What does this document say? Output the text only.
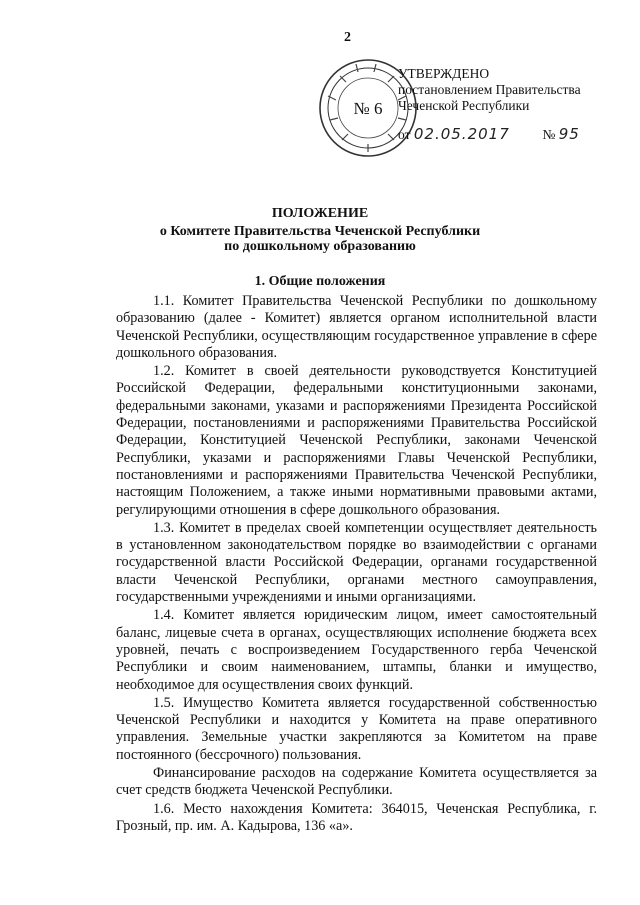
2
№ 6
УТВЕРЖДЕНО
постановлением Правительства
Чеченской Республики
от 02.05.2017 № 95
ПОЛОЖЕНИЕ
о Комитете Правительства Чеченской Республики
по дошкольному образованию
1. Общие положения

1.1. Комитет Правительства Чеченской Республики по дошкольному образованию (далее - Комитет) является органом исполнительной власти Чеченской Республики, осуществляющим государственное управление в сфере дошкольного образования.

1.2. Комитет в своей деятельности руководствуется Конституцией Российской Федерации, федеральными конституционными законами, федеральными законами, указами и распоряжениями Президента Российской Федерации, постановлениями и распоряжениями Правительства Российской Федерации, Конституцией Чеченской Республики, законами Чеченской Республики, указами и распоряжениями Главы Чеченской Республики, постановлениями и распоряжениями Правительства Чеченской Республики, настоящим Положением, а также иными нормативными правовыми актами, регулирующими отношения в сфере дошкольного образования.

1.3. Комитет в пределах своей компетенции осуществляет деятельность в установленном законодательством порядке во взаимодействии с органами государственной власти Российской Федерации, органами государственной власти Чеченской Республики, органами местного самоуправления, государственными учреждениями и иными организациями.

1.4. Комитет является юридическим лицом, имеет самостоятельный баланс, лицевые счета в органах, осуществляющих исполнение бюджета всех уровней, печать с воспроизведением Государственного герба Чеченской Республики и своим наименованием, штампы, бланки и имущество, необходимое для осуществления своих функций.

1.5. Имущество Комитета является государственной собственностью Чеченской Республики и находится у Комитета на праве оперативного управления. Земельные участки закрепляются за Комитетом на праве постоянного (бессрочного) пользования.

Финансирование расходов на содержание Комитета осуществляется за счет средств бюджета Чеченской Республики.

1.6. Место нахождения Комитета: 364015, Чеченская Республика, г. Грозный, пр. им. А. Кадырова, 136 «а».
